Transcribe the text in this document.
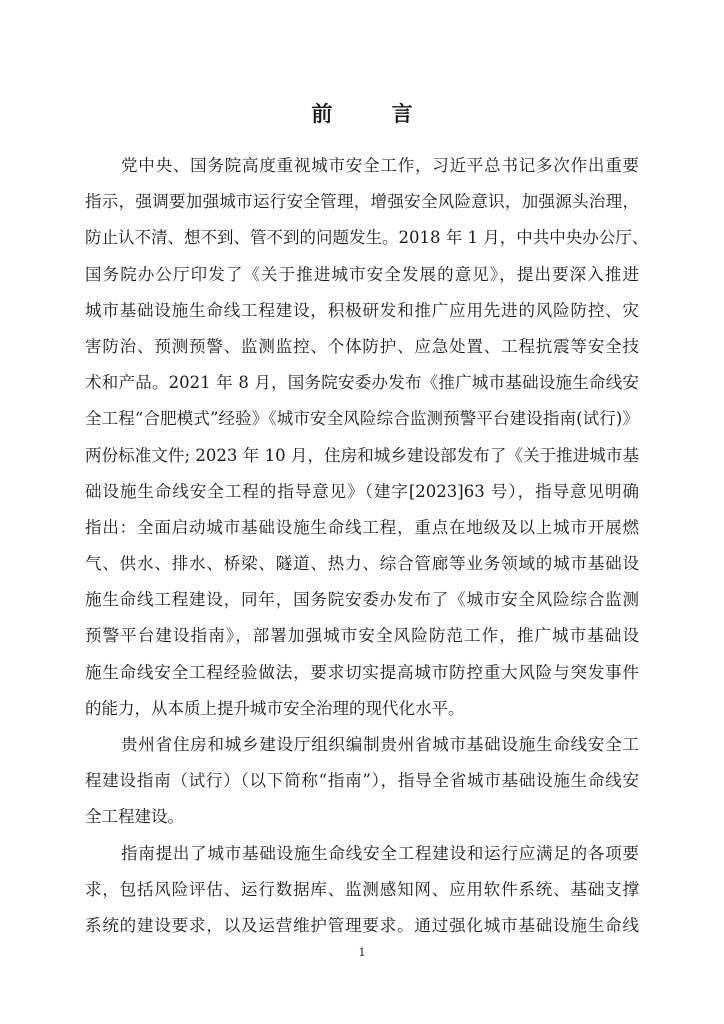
前 言
党中央、国务院高度重视城市安全工作，习近平总书记多次作出重要
指示，强调要加强城市运行安全管理，增强安全风险意识，加强源头治理，
防止认不清、想不到、管不到的问题发生。2018 年 1 月，中共中央办公厅、
国务院办公厅印发了《关于推进城市安全发展的意见》，提出要深入推进
城市基础设施生命线工程建设，积极研发和推广应用先进的风险防控、灾
害防治、预测预警、监测监控、个体防护、应急处置、工程抗震等安全技
术和产品。2021 年 8 月，国务院安委办发布《推广城市基础设施生命线安
全工程“合肥模式”经验》《城市安全风险综合监测预警平台建设指南(试行)》
两份标准文件; 2023 年 10 月，住房和城乡建设部发布了《关于推进城市基
础设施生命线安全工程的指导意见》（建字[2023]63 号），指导意见明确
指出：全面启动城市基础设施生命线工程，重点在地级及以上城市开展燃
气、供水、排水、桥梁、隧道、热力、综合管廊等业务领域的城市基础设
施生命线工程建设，同年，国务院安委办发布了《城市安全风险综合监测
预警平台建设指南》，部署加强城市安全风险防范工作，推广城市基础设
施生命线安全工程经验做法，要求切实提高城市防控重大风险与突发事件
的能力，从本质上提升城市安全治理的现代化水平。
贵州省住房和城乡建设厅组织编制贵州省城市基础设施生命线安全工
程建设指南（试行）（以下简称“指南”），指导全省城市基础设施生命线安
全工程建设。
指南提出了城市基础设施生命线安全工程建设和运行应满足的各项要
求，包括风险评估、运行数据库、监测感知网、应用软件系统、基础支撑
系统的建设要求，以及运营维护管理要求。通过强化城市基础设施生命线
1
